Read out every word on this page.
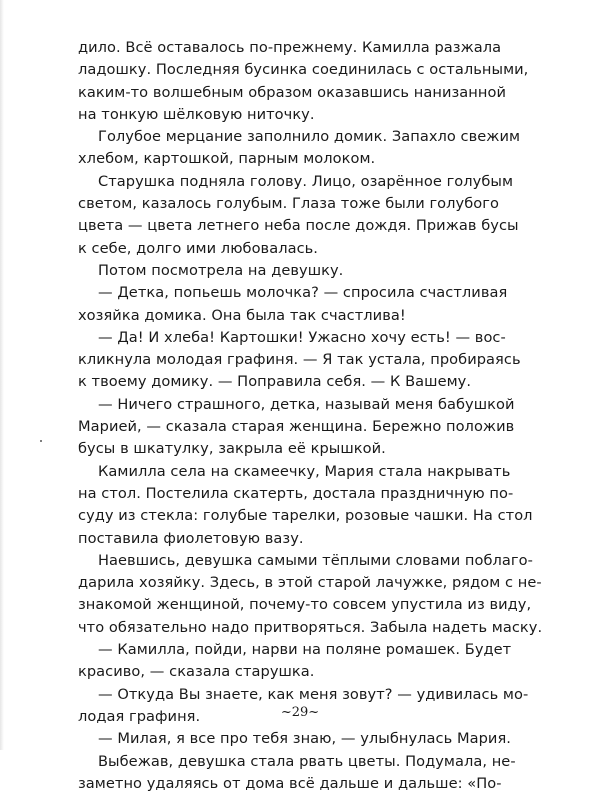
дило. Всё оставалось по-прежнему. Камилла разжала
ладошку. Последняя бусинка соединилась с остальными,
каким-то волшебным образом оказавшись нанизанной
на тонкую шёлковую ниточку.
Голубое мерцание заполнило домик. Запахло свежим
хлебом, картошкой, парным молоком.
Старушка подняла голову. Лицо, озарённое голубым
светом, казалось голубым. Глаза тоже были голубого
цвета — цвета летнего неба после дождя. Прижав бусы
к себе, долго ими любовалась.
Потом посмотрела на девушку.
— Детка, попьешь молочка? — спросила счастливая
хозяйка домика. Она была так счастлива!
— Да! И хлеба! Картошки! Ужасно хочу есть! — вос-
кликнула молодая графиня. — Я так устала, пробираясь
к твоему домику. — Поправила себя. — К Вашему.
— Ничего страшного, детка, называй меня бабушкой
Марией, — сказала старая женщина. Бережно положив
бусы в шкатулку, закрыла её крышкой.
Камилла села на скамеечку, Мария стала накрывать
на стол. Постелила скатерть, достала праздничную по-
суду из стекла: голубые тарелки, розовые чашки. На стол
поставила фиолетовую вазу.
Наевшись, девушка самыми тёплыми словами поблаго-
дарила хозяйку. Здесь, в этой старой лачужке, рядом с не-
знакомой женщиной, почему-то совсем упустила из виду,
что обязательно надо притворяться. Забыла надеть маску.
— Камилла, пойди, нарви на поляне ромашек. Будет
красиво, — сказала старушка.
— Откуда Вы знаете, как меня зовут? — удивилась мо-
лодая графиня.
— Милая, я все про тебя знаю, — улыбнулась Мария.
Выбежав, девушка стала рвать цветы. Подумала, не-
заметно удаляясь от дома всё дальше и дальше: «По-
~29~
